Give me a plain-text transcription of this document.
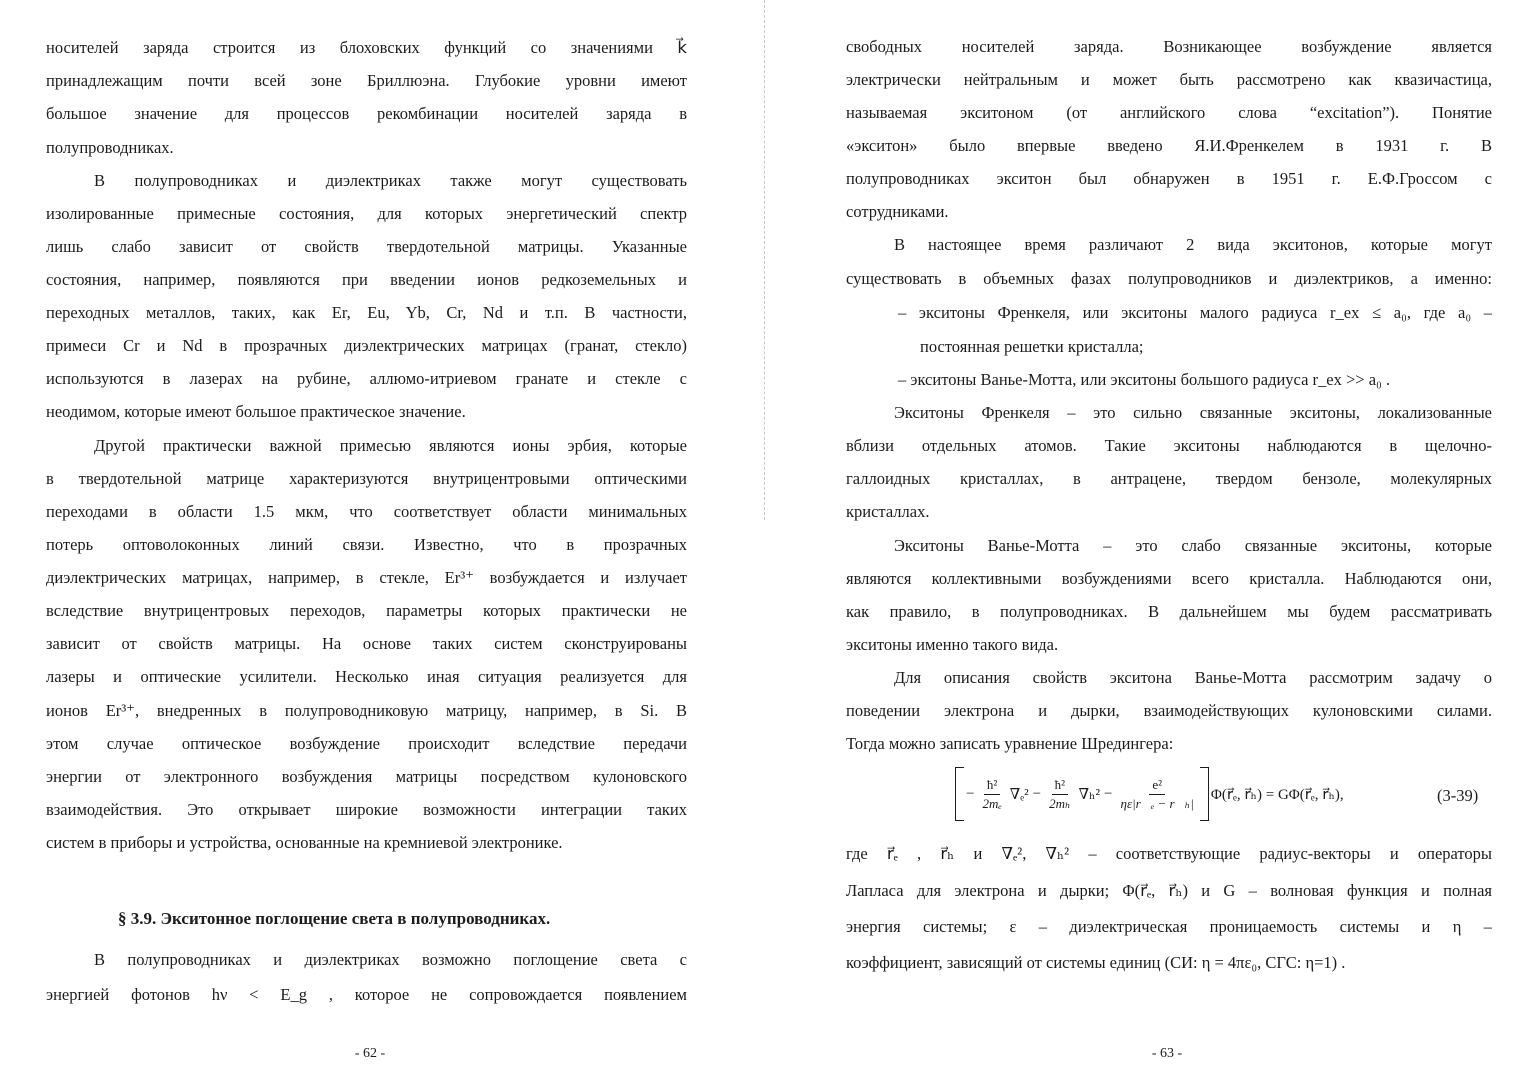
носителей заряда строится из блоховских функций со значениями k⃗
принадлежащим почти всей зоне Бриллюэна. Глубокие уровни имеют
большое значение для процессов рекомбинации носителей заряда в
полупроводниках.
В полупроводниках и диэлектриках также могут существовать
изолированные примесные состояния, для которых энергетический спектр
лишь слабо зависит от свойств твердотельной матрицы. Указанные
состояния, например, появляются при введении ионов редкоземельных и
переходных металлов, таких, как Er, Eu, Yb, Cr, Nd и т.п. В частности,
примеси Cr и Nd в прозрачных диэлектрических матрицах (гранат, стекло)
используются в лазерах на рубине, аллюмо-итриевом гранате и стекле с
неодимом, которые имеют большое практическое значение.
Другой практически важной примесью являются ионы эрбия, которые
в твердотельной матрице характеризуются внутрицентровыми оптическими
переходами в области 1.5 мкм, что соответствует области минимальных
потерь оптоволоконных линий связи. Известно, что в прозрачных
диэлектрических матрицах, например, в стекле, Er³⁺ возбуждается и излучает
вследствие внутрицентровых переходов, параметры которых практически не
зависит от свойств матрицы. На основе таких систем сконструированы
лазеры и оптические усилители. Несколько иная ситуация реализуется для
ионов Er³⁺, внедренных в полупроводниковую матрицу, например, в Si. В
этом случае оптическое возбуждение происходит вследствие передачи
энергии от электронного возбуждения матрицы посредством кулоновского
взаимодействия. Это открывает широкие возможности интеграции таких
систем в приборы и устройства, основанные на кремниевой электронике.
§ 3.9. Экситонное поглощение света в полупроводниках.
В полупроводниках и диэлектриках возможно поглощение света с
энергией фотонов hν < E_g , которое не сопровождается появлением
- 62 -
свободных носителей заряда. Возникающее возбуждение является
электрически нейтральным и может быть рассмотрено как квазичастица,
называемая экситоном (от английского слова “excitation”). Понятие
«экситон» было впервые введено Я.И.Френкелем в 1931 г. В
полупроводниках экситон был обнаружен в 1951 г. Е.Ф.Гроссом с
сотрудниками.
В настоящее время различают 2 вида экситонов, которые могут
существовать в объемных фазах полупроводников и диэлектриков, а именно:
– экситоны Френкеля, или экситоны малого радиуса r_ex ≤ a₀, где a₀ –
постоянная решетки кристалла;
– экситоны Ванье-Мотта, или экситоны большого радиуса r_ex >> a₀ .
Экситоны Френкеля – это сильно связанные экситоны, локализованные
вблизи отдельных атомов. Такие экситоны наблюдаются в щелочно-
галлоидных кристаллах, в антрацене, твердом бензоле, молекулярных
кристаллах.
Экситоны Ванье-Мотта – это слабо связанные экситоны, которые
являются коллективными возбуждениями всего кристалла. Наблюдаются они,
как правило, в полупроводниках. В дальнейшем мы будем рассматривать
экситоны именно такого вида.
Для описания свойств экситона Ванье-Мотта рассмотрим задачу о
поведении электрона и дырки, взаимодействующих кулоновскими силами.
Тогда можно записать уравнение Шредингера:
− $\frac{\text{ħ²}}{\text{2mₑ}} \nabla_e^2 - \frac{\text{ħ²}}{\text{2mₕ}} \nabla_h^2 - \frac{\text{e²}}{\text{ηε|r⃗ₑ − r⃗ₕ|}}$ Φ(r⃗ₑ, r⃗ₕ) = GΦ(r⃗ₑ, r⃗ₕ),	(3-39)
где r⃗ₑ , r⃗ₕ и ∇ₑ², ∇ₕ² – соответствующие радиус-векторы и операторы
Лапласа для электрона и дырки; Φ(r⃗ₑ, r⃗ₕ) и G – волновая функция и полная
энергия системы; ε – диэлектрическая проницаемость системы и η –
коэффициент, зависящий от системы единиц (СИ: η = 4πε₀, СГС: η=1) .
- 63 -
